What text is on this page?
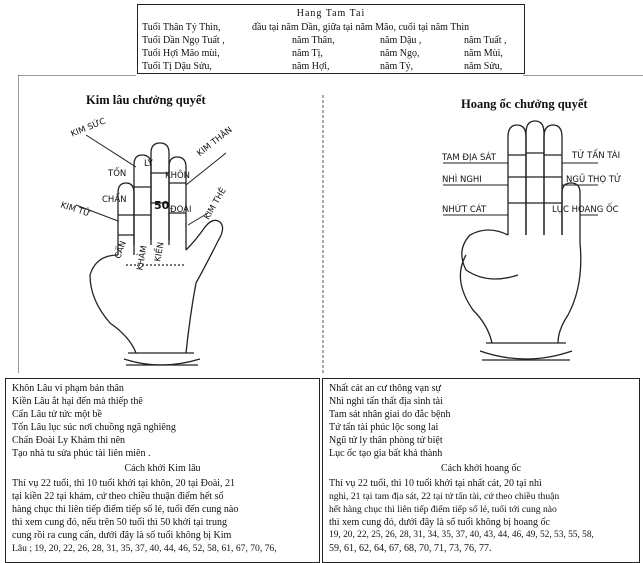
Hang Tam Tai
Tuổi Thân Tý Thìn,	đầu tại năm Dần, giữa tại năm Mão, cuối tại năm Thìn
Tuổi Dần Ngọ Tuất ,	năm Thân,	năm Dậu ,	năm Tuất ,
Tuổi Hợi Mão mùi,	năm Tị,	năm Ngọ,	năm Mùi,
Tuổi Tị Dậu Sửu,	năm Hợi,	năm Tý,	năm Sửu,
Kim lâu chưởng quyết	Hoang ốc chưởng quyết
KIM SỨC	KIM THÂN
TỐN
LY
KHÔN
CHẤN	50 ĐOÀI
KIM TỬ	KIM THÊ
CẤN KHẢM KIỀN
TAM ĐỊA SÁT	TỬ TẤN TÀI
NHÌ NGHI	NGŨ THỌ TỬ
NHỨT CÁT	LỤC HOANG ỐC
Khôn Lâu vi phạm bản thân
Kiền Lâu ắt hại đến mà thiếp thê
Cấn Lâu tử tức một bề
Tốn Lâu lục súc nơi chuồng ngã nghiêng
Chấn Đoài Ly Khảm thì nên
Tạo nhà tu sửa phúc tài liên miên .
Cách khởi Kim lâu
Thí vụ 22 tuổi, thì 10 tuổi khởi tại khôn, 20 tại Đoài, 21
tại kiền 22 tại khảm, cứ theo chiều thuận điểm hết số
hàng chục thì liên tiếp điểm tiếp số lẻ, tuổi đến cung nào
thì xem cung đó, nếu trên 50 tuổi thì 50 khởi tại trung
cung rồi ra cung cấn, dưới đây là số tuổi không bị Kim
Lâu ; 19, 20, 22, 26, 28, 31, 35, 37, 40, 44, 46, 52, 58, 61, 67, 70, 76,
Nhất cát an cư thông vạn sự
Nhì nghi tấn thất địa sinh tài
Tam sát nhân giai do đắc bệnh
Tứ tấn tài phúc lộc song lai
Ngũ tử ly thân phòng tử biệt
Lục ốc tạo gia bất khả thành
Cách khởi hoang ốc
Thí vụ 22 tuổi, thì 10 tuổi khởi tại nhất cát, 20 tại nhì
nghi, 21 tại tam địa sát, 22 tại tứ tấn tài, cứ theo chiều thuận
hết hàng chục thì liên tiếp điểm tiếp số lẻ, tuổi tới cung nào
thì xem cung đó, dưới đây là số tuổi không bị hoang ốc
19, 20, 22, 25, 26, 28, 31, 34, 35, 37, 40, 43, 44, 46, 49, 52, 53, 55, 58,
59, 61, 62, 64, 67, 68, 70, 71, 73, 76, 77.
